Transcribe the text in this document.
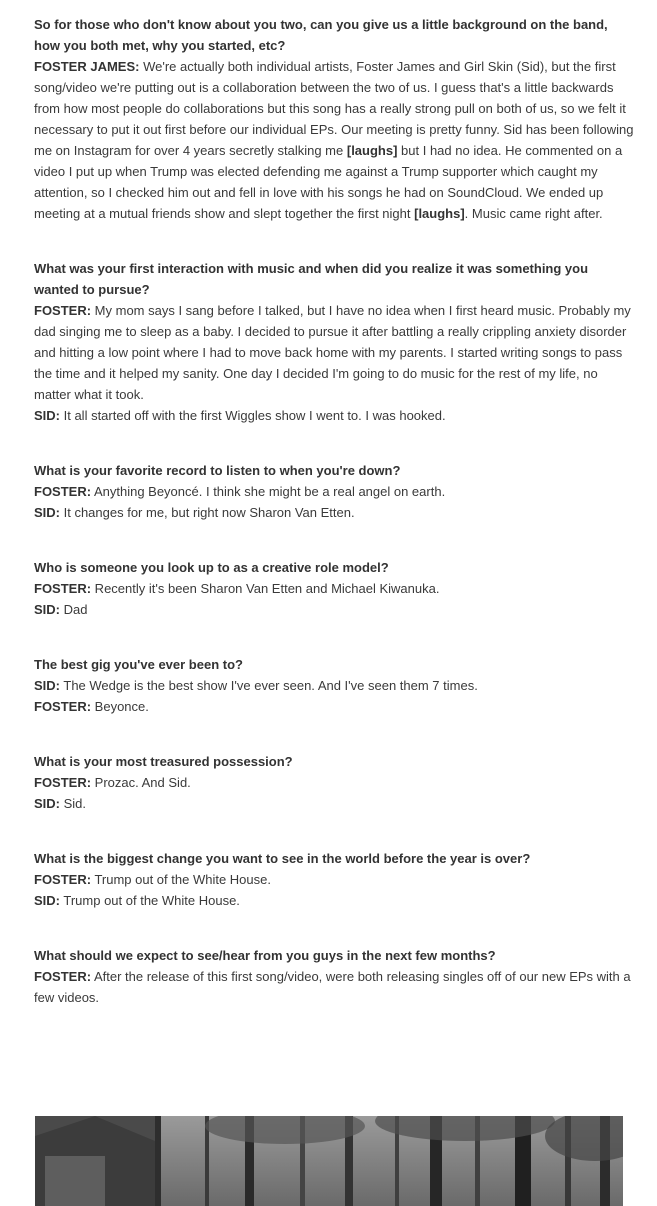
So for those who don't know about you two, can you give us a little background on the band, how you both met, why you started, etc?

FOSTER JAMES: We're actually both individual artists, Foster James and Girl Skin (Sid), but the first song/video we're putting out is a collaboration between the two of us. I guess that's a little backwards from how most people do collaborations but this song has a really strong pull on both of us, so we felt it necessary to put it out first before our individual EPs. Our meeting is pretty funny. Sid has been following me on Instagram for over 4 years secretly stalking me [laughs] but I had no idea. He commented on a video I put up when Trump was elected defending me against a Trump supporter which caught my attention, so I checked him out and fell in love with his songs he had on SoundCloud. We ended up meeting at a mutual friends show and slept together the first night [laughs]. Music came right after.

What was your first interaction with music and when did you realize it was something you wanted to pursue?

FOSTER: My mom says I sang before I talked, but I have no idea when I first heard music. Probably my dad singing me to sleep as a baby. I decided to pursue it after battling a really crippling anxiety disorder and hitting a low point where I had to move back home with my parents. I started writing songs to pass the time and it helped my sanity. One day I decided I'm going to do music for the rest of my life, no matter what it took.

SID: It all started off with the first Wiggles show I went to. I was hooked.

What is your favorite record to listen to when you're down?

FOSTER: Anything Beyoncé. I think she might be a real angel on earth.

SID: It changes for me, but right now Sharon Van Etten.

Who is someone you look up to as a creative role model?

FOSTER: Recently it's been Sharon Van Etten and Michael Kiwanuka.

SID: Dad

The best gig you've ever been to?

SID: The Wedge is the best show I've ever seen. And I've seen them 7 times.

FOSTER: Beyonce.

What is your most treasured possession?

FOSTER: Prozac. And Sid.

SID: Sid.

What is the biggest change you want to see in the world before the year is over?

FOSTER: Trump out of the White House.

SID: Trump out of the White House.

What should we expect to see/hear from you guys in the next few months?

FOSTER: After the release of this first song/video, were both releasing singles off of our new EPs with a few videos.
